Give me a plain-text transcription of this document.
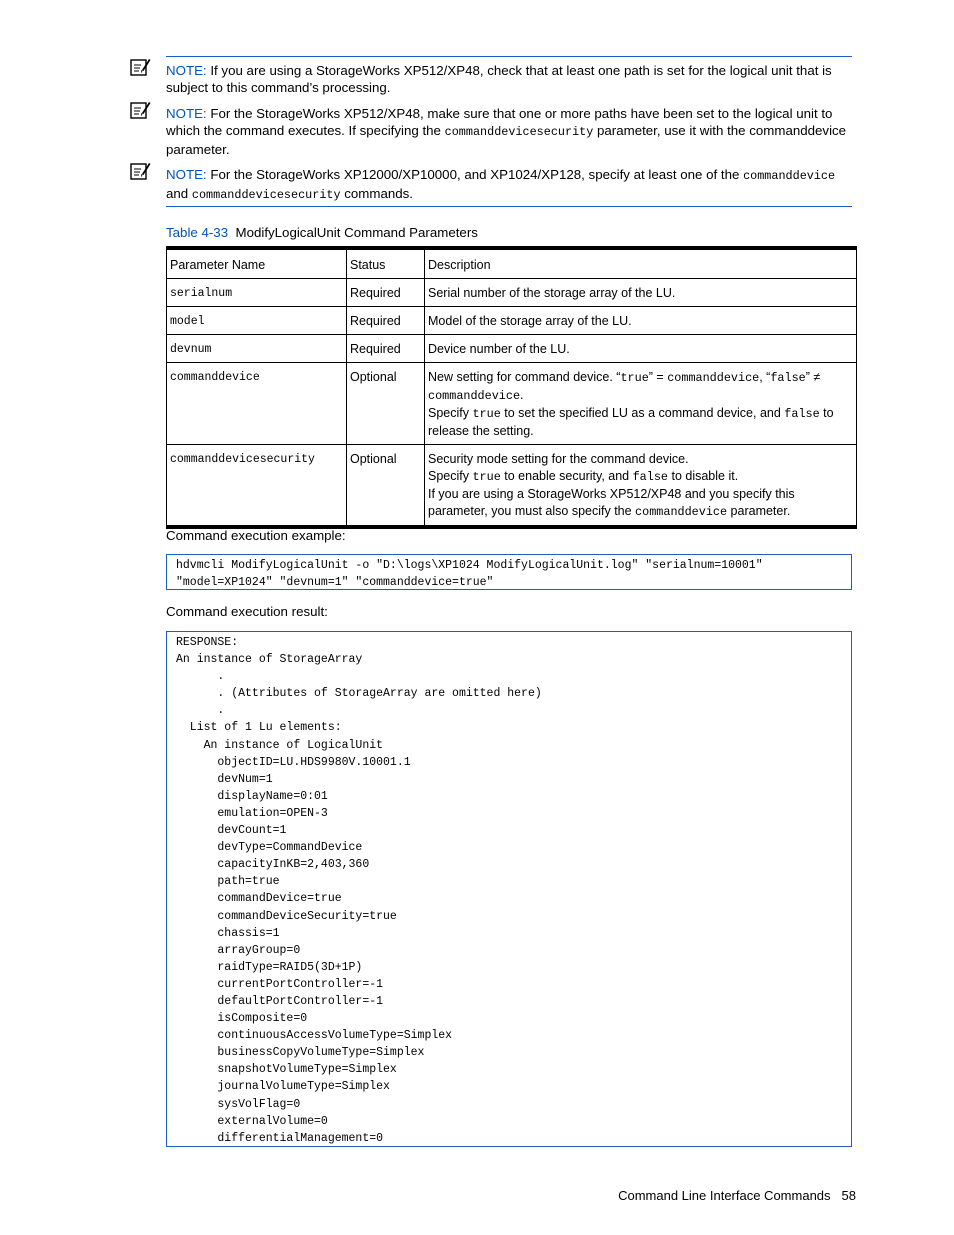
NOTE: If you are using a StorageWorks XP512/XP48, check that at least one path is set for the logical unit that is subject to this command’s processing.
NOTE: For the StorageWorks XP512/XP48, make sure that one or more paths have been set to the logical unit to which the command executes. If specifying the commanddevicesecurity parameter, use it with the commanddevice parameter.
NOTE: For the StorageWorks XP12000/XP10000, and XP1024/XP128, specify at least one of the commanddevice and commanddevicesecurity commands.
Table 4-33 ModifyLogicalUnit Command Parameters
Parameter Name	Status	Description
serialnum	Required	Serial number of the storage array of the LU.

model	Required	Model of the storage array of the LU.

devnum	Required	Device number of the LU.

commanddevice	Optional	New setting for command device. “true” = commanddevice, “false” ≠ commanddevice.
Specify true to set the specified LU as a command device, and false to release the setting.

commanddevicesecurity	Optional	Security mode setting for the command device.
Specify true to enable security, and false to disable it.
If you are using a StorageWorks XP512/XP48 and you specify this parameter, you must also specify the commanddevice parameter.
Command execution example:
hdvmcli ModifyLogicalUnit -o "D:\logs\XP1024 ModifyLogicalUnit.log" "serialnum=10001"
"model=XP1024" "devnum=1" "commanddevice=true"
Command execution result:
RESPONSE:
An instance of StorageArray
.
. (Attributes of StorageArray are omitted here)
.
List of 1 Lu elements:
An instance of LogicalUnit
objectID=LU.HDS9980V.10001.1
devNum=1
displayName=0:01
emulation=OPEN-3
devCount=1
devType=CommandDevice
capacityInKB=2,403,360
path=true
commandDevice=true
commandDeviceSecurity=true
chassis=1
arrayGroup=0
raidType=RAID5(3D+1P)
currentPortController=-1
defaultPortController=-1
isComposite=0
continuousAccessVolumeType=Simplex
businessCopyVolumeType=Simplex
snapshotVolumeType=Simplex
journalVolumeType=Simplex
sysVolFlag=0
externalVolume=0
differentialManagement=0
Command Line Interface Commands 58
